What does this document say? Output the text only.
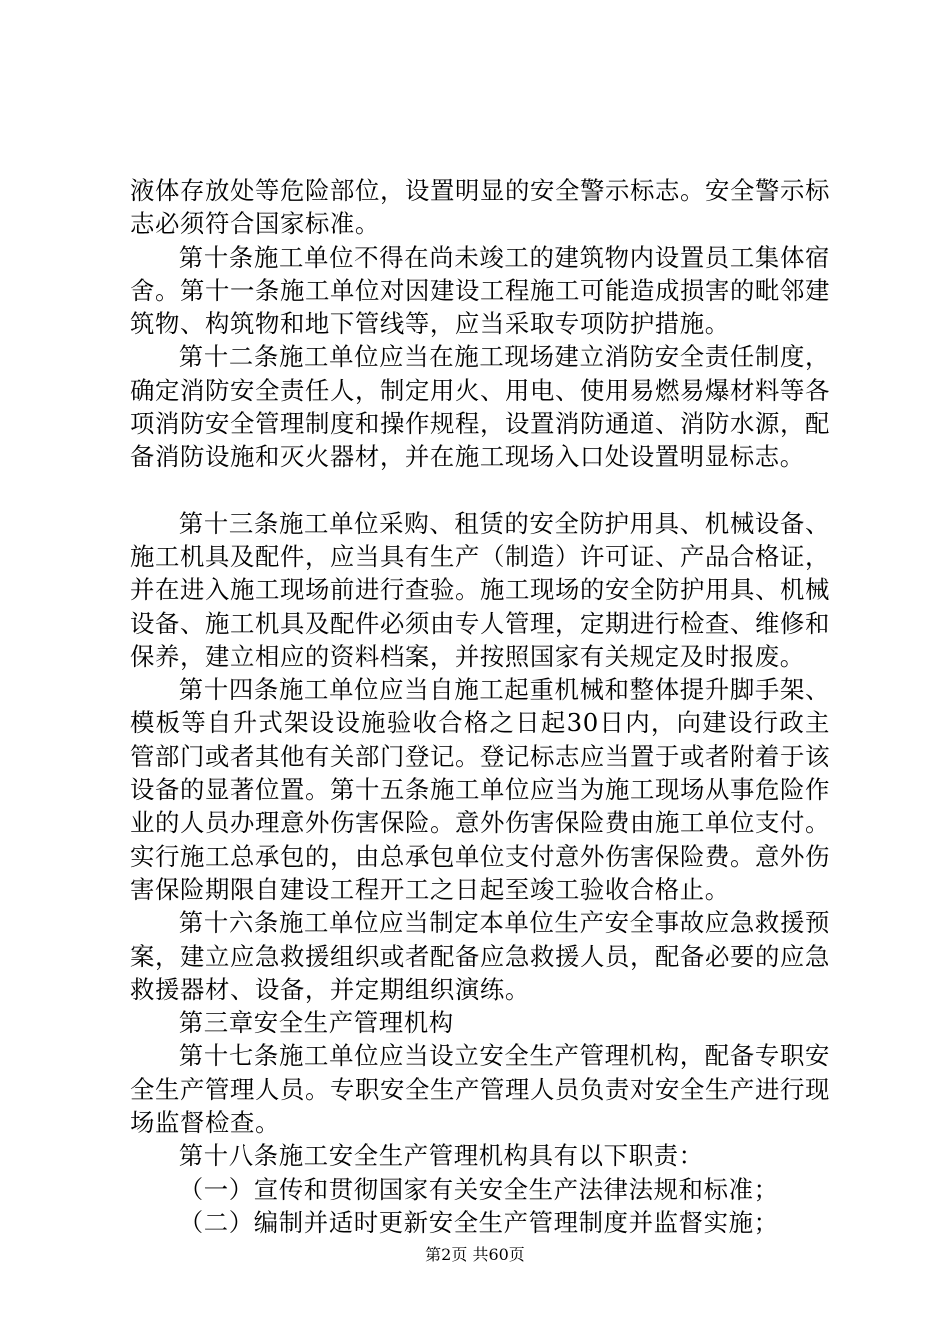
液体存放处等危险部位，设置明显的安全警示标志。安全警示标志必须符合国家标准。

第十条施工单位不得在尚未竣工的建筑物内设置员工集体宿舍。第十一条施工单位对因建设工程施工可能造成损害的毗邻建筑物、构筑物和地下管线等，应当采取专项防护措施。

第十二条施工单位应当在施工现场建立消防安全责任制度，确定消防安全责任人，制定用火、用电、使用易燃易爆材料等各项消防安全管理制度和操作规程，设置消防通道、消防水源，配备消防设施和灭火器材，并在施工现场入口处设置明显标志。

第十三条施工单位采购、租赁的安全防护用具、机械设备、施工机具及配件，应当具有生产（制造）许可证、产品合格证，并在进入施工现场前进行查验。施工现场的安全防护用具、机械设备、施工机具及配件必须由专人管理，定期进行检查、维修和保养，建立相应的资料档案，并按照国家有关规定及时报废。

第十四条施工单位应当自施工起重机械和整体提升脚手架、模板等自升式架设设施验收合格之日起30日内，向建设行政主管部门或者其他有关部门登记。登记标志应当置于或者附着于该设备的显著位置。第十五条施工单位应当为施工现场从事危险作业的人员办理意外伤害保险。意外伤害保险费由施工单位支付。实行施工总承包的，由总承包单位支付意外伤害保险费。意外伤害保险期限自建设工程开工之日起至竣工验收合格止。

第十六条施工单位应当制定本单位生产安全事故应急救援预案，建立应急救援组织或者配备应急救援人员，配备必要的应急救援器材、设备，并定期组织演练。

第三章安全生产管理机构

第十七条施工单位应当设立安全生产管理机构，配备专职安全生产管理人员。专职安全生产管理人员负责对安全生产进行现场监督检查。

第十八条施工安全生产管理机构具有以下职责：

（一）宣传和贯彻国家有关安全生产法律法规和标准；

（二）编制并适时更新安全生产管理制度并监督实施；

第2页 共60页
